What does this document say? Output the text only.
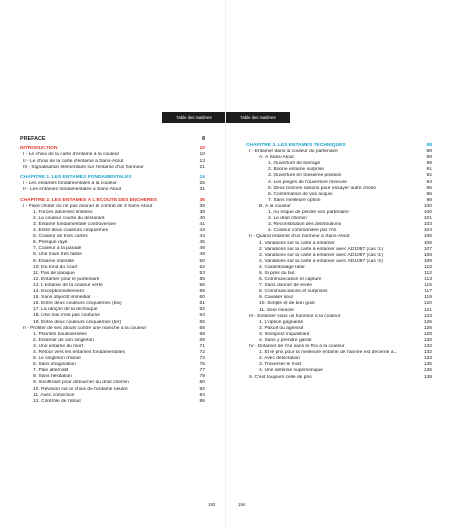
Table des matières
PRÉFACE	8
INTRODUCTION	10
I - Le choix de la carte d'entame à la couleur	10
II - Le choix de la carte d'entame à Sans-Atout	13
III - Signalisation élémentaire sur l'entame d'un honneur	21
CHAPITRE 1. LES ENTAMES FONDAMENTALES	24
I - Les entames fondamentales à la couleur	25
II - Les entames fondamentales à Sans-Atout	31
CHAPITRE 2. LES ENTAMES À L'ÉCOUTE DES ENCHÈRES	36
I - Faire chuter ou ne pas donner le contrat de 3 Sans-Atout	38
1. Forces adverses limitées	38
2. La couleur courte du déclarant	40
3. Entame fondamentale controversée	41
4. Entre deux couleurs cinquièmes	43
5. Couleur de trois cartes	44
6. Presque rayé	45
7. Couleur à la parade	48
8. Une main très faible	49
9. Entame interdite	50
10. Du fond du court	52
11. Pas de panique	53
12. Entamer pour le partenaire	55
13. L'entame de la couleur verte	56
14. Exceptionnellement	58
15. Sans objectif immédiat	60
16. Entre deux couleurs cinquièmes (bis)	61
17. La rançon de la technique	62
18. Une fois n'est pas coutume	64
19. Entre deux couleurs cinquièmes (ter)	65
II - Profiter de ses atouts contre une manche à la couleur	68
1. Priorités bouleversées	68
2. Entamer de son singleton	69
3. Une entame du mort	71
4. Retour vers les entames fondamentales	72
5. Le singleton d'atout	73
6. Sans imagination	75
7. Plan alternatif	77
8. Sans hésitation	79
9. Insuffisant pour détourner du droit chemin	80
10. Révision sur le choix de l'entame neutre	82
11. Avec conviction	84
12. Contrôle de l'atout	85
193
Table des matières
CHAPITRE 3. LES ENTAMES TECHNIQUES	88
I - Entamer dans la couleur du partenaire	88
A. À Sans-Atout	89
1. Ouverture de barrage	89
2. Bonne entame surprise	91
3. Ouverture en troisième position	92
4. Les pièges de l'ouverture mineure	94
5. Deux bonnes raisons pour essayer autre chose	95
6. Confirmation de vos acquis	96
7. Sans meilleure option	98
B. À la couleur	100
1. Au risque de perdre son partenaire	100
2. Le droit chemin	101
3. Reconstitution des distributions	103
4. Couleur commandée par l'As	104
II - Quand entamer d'un honneur à Sans-Atout	106
1. Variations sur la carte à entamer	106
2. Variations sur la carte à entamer avec AD1087 (cas ①)	107
3. Variations sur la carte à entamer avec AD1087 (cas ②)	108
4. Variations sur la carte à entamer avec AD1087 (cas ③)	109
4. Carambolage fatal	110
5. Si près du but	112
6. Communication et capture	113
7. Sans donner de levée	115
8. Communications et surprises	117
9. Cavalier seul	119
10. Simple et de bon goût	120
11. Seul miracle	121
III - Entamer sous un honneur à la couleur	123
1. L'option gagnante	125
2. Pasoif ou agressif	126
3. Inrespect inqualifiant	128
4. Sans y prendre garde	130
IV - Entamer de l'As sans le Roi à la couleur	132
1. Et le prix pour la meilleure entame de l'année est décerné à...	132
2. Avec délectation	133
3. Traverser le mort	135
4. Une défense supersonique	136
5. C'est toujours celle de pris	138
194
